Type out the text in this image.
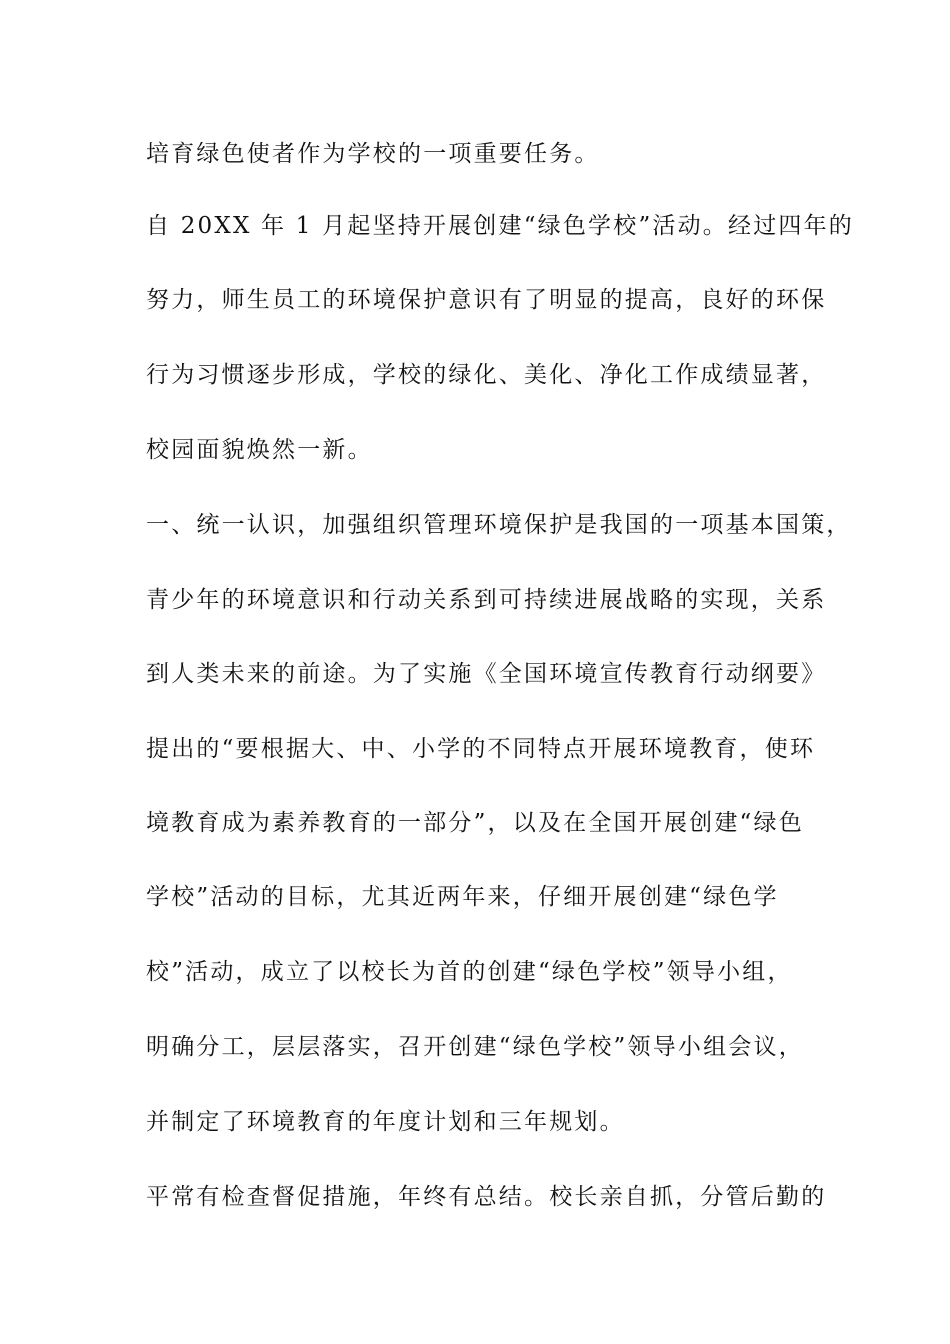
培育绿色使者作为学校的一项重要任务。
自 20XX 年 1 月起坚持开展创建“绿色学校”活动。经过四年的
努力，师生员工的环境保护意识有了明显的提高，良好的环保
行为习惯逐步形成，学校的绿化、美化、净化工作成绩显著，
校园面貌焕然一新。
一、统一认识，加强组织管理环境保护是我国的一项基本国策，
青少年的环境意识和行动关系到可持续进展战略的实现，关系
到人类未来的前途。为了实施《全国环境宣传教育行动纲要》
提出的“要根据大、中、小学的不同特点开展环境教育，使环
境教育成为素养教育的一部分”，以及在全国开展创建“绿色
学校”活动的目标，尤其近两年来，仔细开展创建“绿色学
校”活动，成立了以校长为首的创建“绿色学校”领导小组，
明确分工，层层落实，召开创建“绿色学校”领导小组会议，
并制定了环境教育的年度计划和三年规划。
平常有检查督促措施，年终有总结。校长亲自抓，分管后勤的
